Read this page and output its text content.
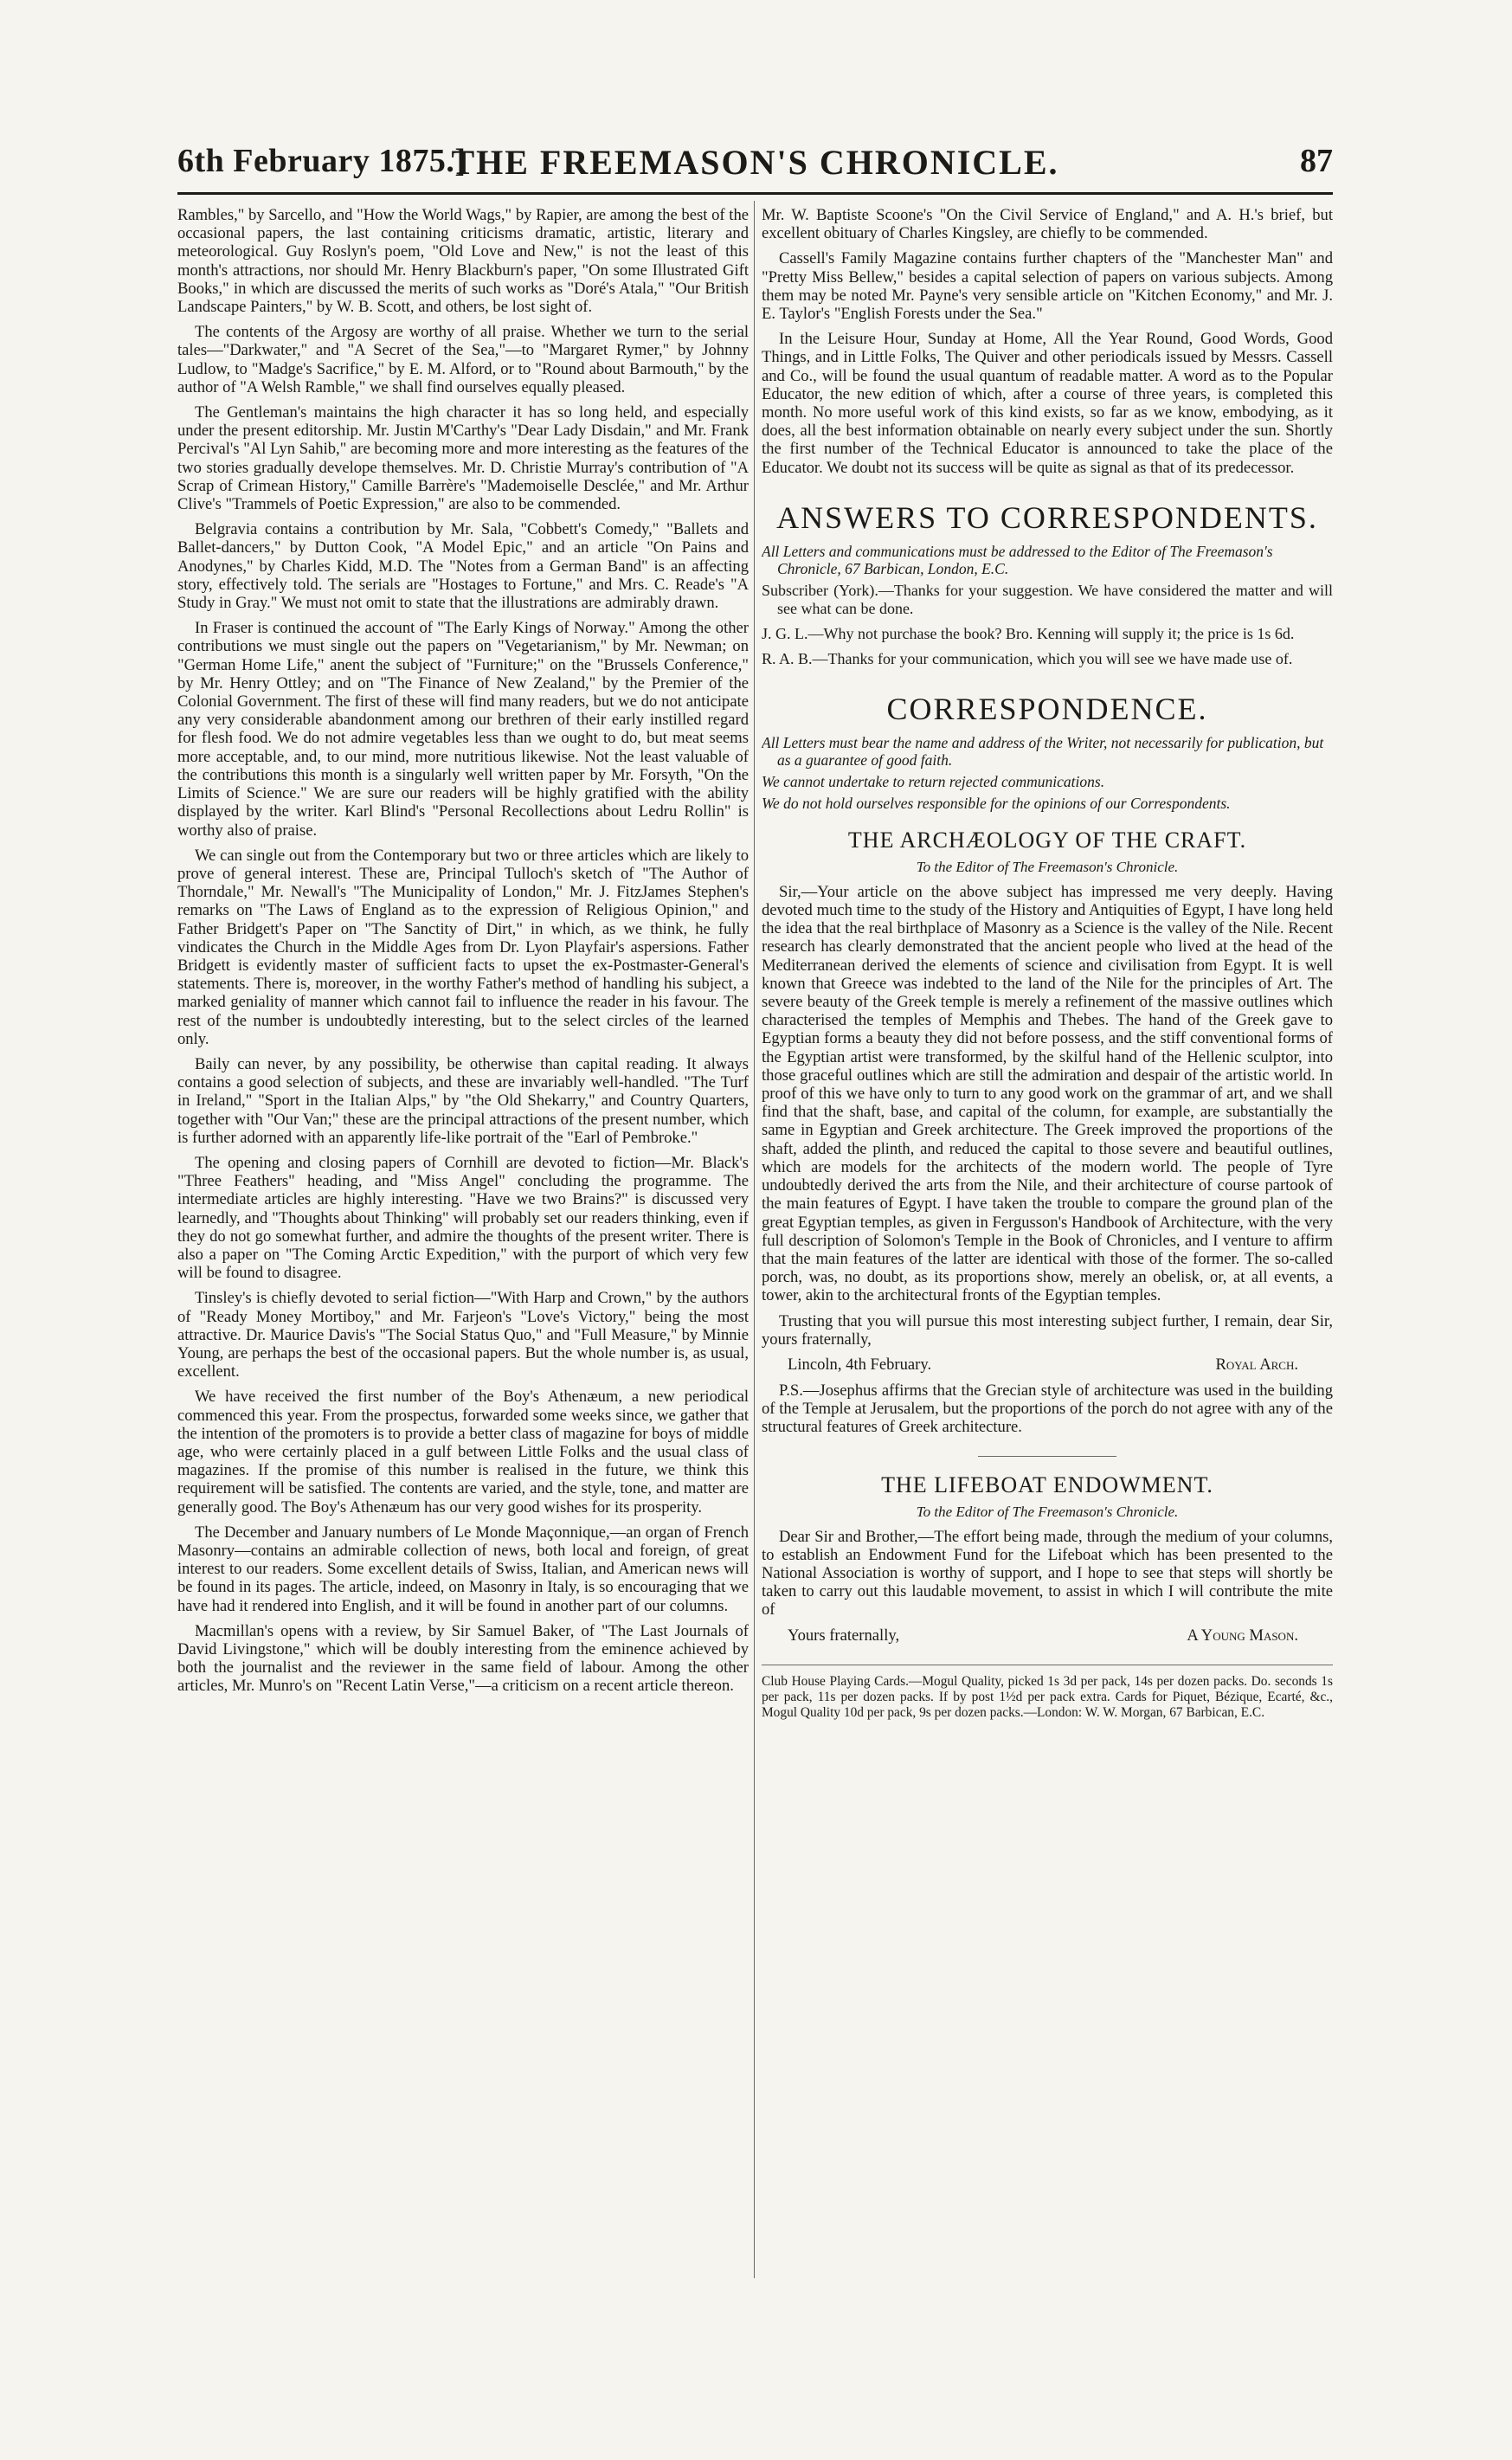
6th February 1875.]
THE FREEMASON'S CHRONICLE.	87

Rambles," by Sarcello, and "How the World Wags," by Rapier, are among the best of the occasional papers, the last containing criticisms dramatic, artistic, literary and meteorological. Guy Roslyn's poem, "Old Love and New," is not the least of this month's attractions, nor should Mr. Henry Blackburn's paper, "On some Illustrated Gift Books," in which are discussed the merits of such works as "Doré's Atala," "Our British Landscape Painters," by W. B. Scott, and others, be lost sight of.

The contents of the Argosy are worthy of all praise. Whether we turn to the serial tales—"Darkwater," and "A Secret of the Sea,"—to "Margaret Rymer," by Johnny Ludlow, to "Madge's Sacrifice," by E. M. Alford, or to "Round about Barmouth," by the author of "A Welsh Ramble," we shall find ourselves equally pleased.

The Gentleman's maintains the high character it has so long held, and especially under the present editorship. Mr. Justin M'Carthy's "Dear Lady Disdain," and Mr. Frank Percival's "Al Lyn Sahib," are becoming more and more interesting as the features of the two stories gradually develope themselves. Mr. D. Christie Murray's contribution of "A Scrap of Crimean History," Camille Barrère's "Mademoiselle Desclée," and Mr. Arthur Clive's "Trammels of Poetic Expression," are also to be commended.

Belgravia contains a contribution by Mr. Sala, "Cobbett's Comedy," "Ballets and Ballet-dancers," by Dutton Cook, "A Model Epic," and an article "On Pains and Anodynes," by Charles Kidd, M.D. The "Notes from a German Band" is an affecting story, effectively told. The serials are "Hostages to Fortune," and Mrs. C. Reade's "A Study in Gray." We must not omit to state that the illustrations are admirably drawn.

In Fraser is continued the account of "The Early Kings of Norway." Among the other contributions we must single out the papers on "Vegetarianism," by Mr. Newman; on "German Home Life," anent the subject of "Furniture;" on the "Brussels Conference," by Mr. Henry Ottley; and on "The Finance of New Zealand," by the Premier of the Colonial Government. The first of these will find many readers, but we do not anticipate any very considerable abandonment among our brethren of their early instilled regard for flesh food. We do not admire vegetables less than we ought to do, but meat seems more acceptable, and, to our mind, more nutritious likewise. Not the least valuable of the contributions this month is a singularly well written paper by Mr. Forsyth, "On the Limits of Science." We are sure our readers will be highly gratified with the ability displayed by the writer. Karl Blind's "Personal Recollections about Ledru Rollin" is worthy also of praise.

We can single out from the Contemporary but two or three articles which are likely to prove of general interest. These are, Principal Tulloch's sketch of "The Author of Thorndale," Mr. Newall's "The Municipality of London," Mr. J. FitzJames Stephen's remarks on "The Laws of England as to the expression of Religious Opinion," and Father Bridgett's Paper on "The Sanctity of Dirt," in which, as we think, he fully vindicates the Church in the Middle Ages from Dr. Lyon Playfair's aspersions. Father Bridgett is evidently master of sufficient facts to upset the ex-Postmaster-General's statements. There is, moreover, in the worthy Father's method of handling his subject, a marked geniality of manner which cannot fail to influence the reader in his favour. The rest of the number is undoubtedly interesting, but to the select circles of the learned only.

Baily can never, by any possibility, be otherwise than capital reading. It always contains a good selection of subjects, and these are invariably well-handled. "The Turf in Ireland," "Sport in the Italian Alps," by "the Old Shekarry," and Country Quarters, together with "Our Van;" these are the principal attractions of the present number, which is further adorned with an apparently life-like portrait of the "Earl of Pembroke."

The opening and closing papers of Cornhill are devoted to fiction—Mr. Black's "Three Feathers" heading, and "Miss Angel" concluding the programme. The intermediate articles are highly interesting. "Have we two Brains?" is discussed very learnedly, and "Thoughts about Thinking" will probably set our readers thinking, even if they do not go somewhat further, and admire the thoughts of the present writer. There is also a paper on "The Coming Arctic Expedition," with the purport of which very few will be found to disagree.

Tinsley's is chiefly devoted to serial fiction—"With Harp and Crown," by the authors of "Ready Money Mortiboy," and Mr. Farjeon's "Love's Victory," being the most attractive. Dr. Maurice Davis's "The Social Status Quo," and "Full Measure," by Minnie Young, are perhaps the best of the occasional papers. But the whole number is, as usual, excellent.

We have received the first number of the Boy's Athenæum, a new periodical commenced this year. From the prospectus, forwarded some weeks since, we gather that the intention of the promoters is to provide a better class of magazine for boys of middle age, who were certainly placed in a gulf between Little Folks and the usual class of magazines. If the promise of this number is realised in the future, we think this requirement will be satisfied. The contents are varied, and the style, tone, and matter are generally good. The Boy's Athenæum has our very good wishes for its prosperity.

The December and January numbers of Le Monde Maçonnique,—an organ of French Masonry—contains an admirable collection of news, both local and foreign, of great interest to our readers. Some excellent details of Swiss, Italian, and American news will be found in its pages. The article, indeed, on Masonry in Italy, is so encouraging that we have had it rendered into English, and it will be found in another part of our columns.

Macmillan's opens with a review, by Sir Samuel Baker, of "The Last Journals of David Livingstone," which will be doubly interesting from the eminence achieved by both the journalist and the reviewer in the same field of labour. Among the other articles, Mr. Munro's on "Recent Latin Verse,"—a criticism on a recent article thereon.

Mr. W. Baptiste Scoone's "On the Civil Service of England," and A. H.'s brief, but excellent obituary of Charles Kingsley, are chiefly to be commended.

Cassell's Family Magazine contains further chapters of the "Manchester Man" and "Pretty Miss Bellew," besides a capital selection of papers on various subjects. Among them may be noted Mr. Payne's very sensible article on "Kitchen Economy," and Mr. J. E. Taylor's "English Forests under the Sea."

In the Leisure Hour, Sunday at Home, All the Year Round, Good Words, Good Things, and in Little Folks, The Quiver and other periodicals issued by Messrs. Cassell and Co., will be found the usual quantum of readable matter. A word as to the Popular Educator, the new edition of which, after a course of three years, is completed this month. No more useful work of this kind exists, so far as we know, embodying, as it does, all the best information obtainable on nearly every subject under the sun. Shortly the first number of the Technical Educator is announced to take the place of the Educator. We doubt not its success will be quite as signal as that of its predecessor.

ANSWERS TO CORRESPONDENTS.
All Letters and communications must be addressed to the Editor of The Freemason's Chronicle, 67 Barbican, London, E.C.
Subscriber (York).—Thanks for your suggestion. We have considered the matter and will see what can be done.
J. G. L.—Why not purchase the book? Bro. Kenning will supply it; the price is 1s 6d.
R. A. B.—Thanks for your communication, which you will see we have made use of.
CORRESPONDENCE.
All Letters must bear the name and address of the Writer, not necessarily for publication, but as a guarantee of good faith.
We cannot undertake to return rejected communications.
We do not hold ourselves responsible for the opinions of our Correspondents.
THE ARCHÆOLOGY OF THE CRAFT.
To the Editor of The Freemason's Chronicle.

Sir,—Your article on the above subject has impressed me very deeply. Having devoted much time to the study of the History and Antiquities of Egypt, I have long held the idea that the real birthplace of Masonry as a Science is the valley of the Nile. Recent research has clearly demonstrated that the ancient people who lived at the head of the Mediterranean derived the elements of science and civilisation from Egypt. It is well known that Greece was indebted to the land of the Nile for the principles of Art. The severe beauty of the Greek temple is merely a refinement of the massive outlines which characterised the temples of Memphis and Thebes. The hand of the Greek gave to Egyptian forms a beauty they did not before possess, and the stiff conventional forms of the Egyptian artist were transformed, by the skilful hand of the Hellenic sculptor, into those graceful outlines which are still the admiration and despair of the artistic world. In proof of this we have only to turn to any good work on the grammar of art, and we shall find that the shaft, base, and capital of the column, for example, are substantially the same in Egyptian and Greek architecture. The Greek improved the proportions of the shaft, added the plinth, and reduced the capital to those severe and beautiful outlines, which are models for the architects of the modern world. The people of Tyre undoubtedly derived the arts from the Nile, and their architecture of course partook of the main features of Egypt. I have taken the trouble to compare the ground plan of the great Egyptian temples, as given in Fergusson's Handbook of Architecture, with the very full description of Solomon's Temple in the Book of Chronicles, and I venture to affirm that the main features of the latter are identical with those of the former. The so-called porch, was, no doubt, as its proportions show, merely an obelisk, or, at all events, a tower, akin to the architectural fronts of the Egyptian temples.

Trusting that you will pursue this most interesting subject further, I remain, dear Sir, yours fraternally,

Lincoln, 4th February.	Royal Arch.

P.S.—Josephus affirms that the Grecian style of architecture was used in the building of the Temple at Jerusalem, but the proportions of the porch do not agree with any of the structural features of Greek architecture.

THE LIFEBOAT ENDOWMENT.
To the Editor of The Freemason's Chronicle.

Dear Sir and Brother,—The effort being made, through the medium of your columns, to establish an Endowment Fund for the Lifeboat which has been presented to the National Association is worthy of support, and I hope to see that steps will shortly be taken to carry out this laudable movement, to assist in which I will contribute the mite of

Yours fraternally,	A Young Mason.
Club House Playing Cards.—Mogul Quality, picked 1s 3d per pack, 14s per dozen packs. Do. seconds 1s per pack, 11s per dozen packs. If by post 1½d per pack extra. Cards for Piquet, Bézique, Ecarté, &c., Mogul Quality 10d per pack, 9s per dozen packs.—London: W. W. Morgan, 67 Barbican, E.C.
